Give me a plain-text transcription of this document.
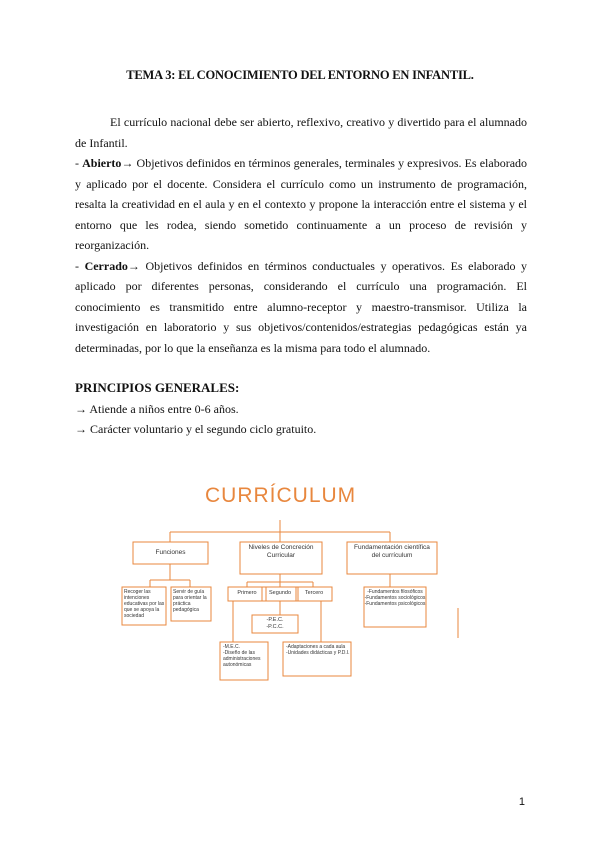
TEMA 3: EL CONOCIMIENTO DEL ENTORNO EN INFANTIL.

El currículo nacional debe ser abierto, reflexivo, creativo y divertido para el alumnado de Infantil.

- Abierto→ Objetivos definidos en términos generales, terminales y expresivos. Es elaborado y aplicado por el docente. Considera el currículo como un instrumento de programación, resalta la creatividad en el aula y en el contexto y propone la interacción entre el sistema y el entorno que les rodea, siendo sometido continuamente a un proceso de revisión y reorganización.

- Cerrado→ Objetivos definidos en términos conductuales y operativos. Es elaborado y aplicado por diferentes personas, considerando el currículo una programación. El conocimiento es transmitido entre alumno-receptor y maestro-transmisor. Utiliza la investigación en laboratorio y sus objetivos/contenidos/estrategias pedagógicas están ya determinadas, por lo que la enseñanza es la misma para todo el alumnado.

PRINCIPIOS GENERALES:

→ Atiende a niños entre 0-6 años.

→ Carácter voluntario y el segundo ciclo gratuito.

CURRÍCULUM
Funciones
Niveles de Concreción Curricular
Fundamentación científica del currículum
Recoger las intenciones educativas por las que se apoya la sociedad
Servir de guía para orientar la práctica pedagógica
Primero	Segundo	Tercero
-P.E.C.
-P.C.C.
-M.E.C.
-Diseño de las administraciones autonómicas
-Adaptaciones a cada aula
-Unidades didácticas y P.D.I.
-Fundamentos filosóficos
-Fundamentos sociológicos
-Fundamentos psicológicos
1
